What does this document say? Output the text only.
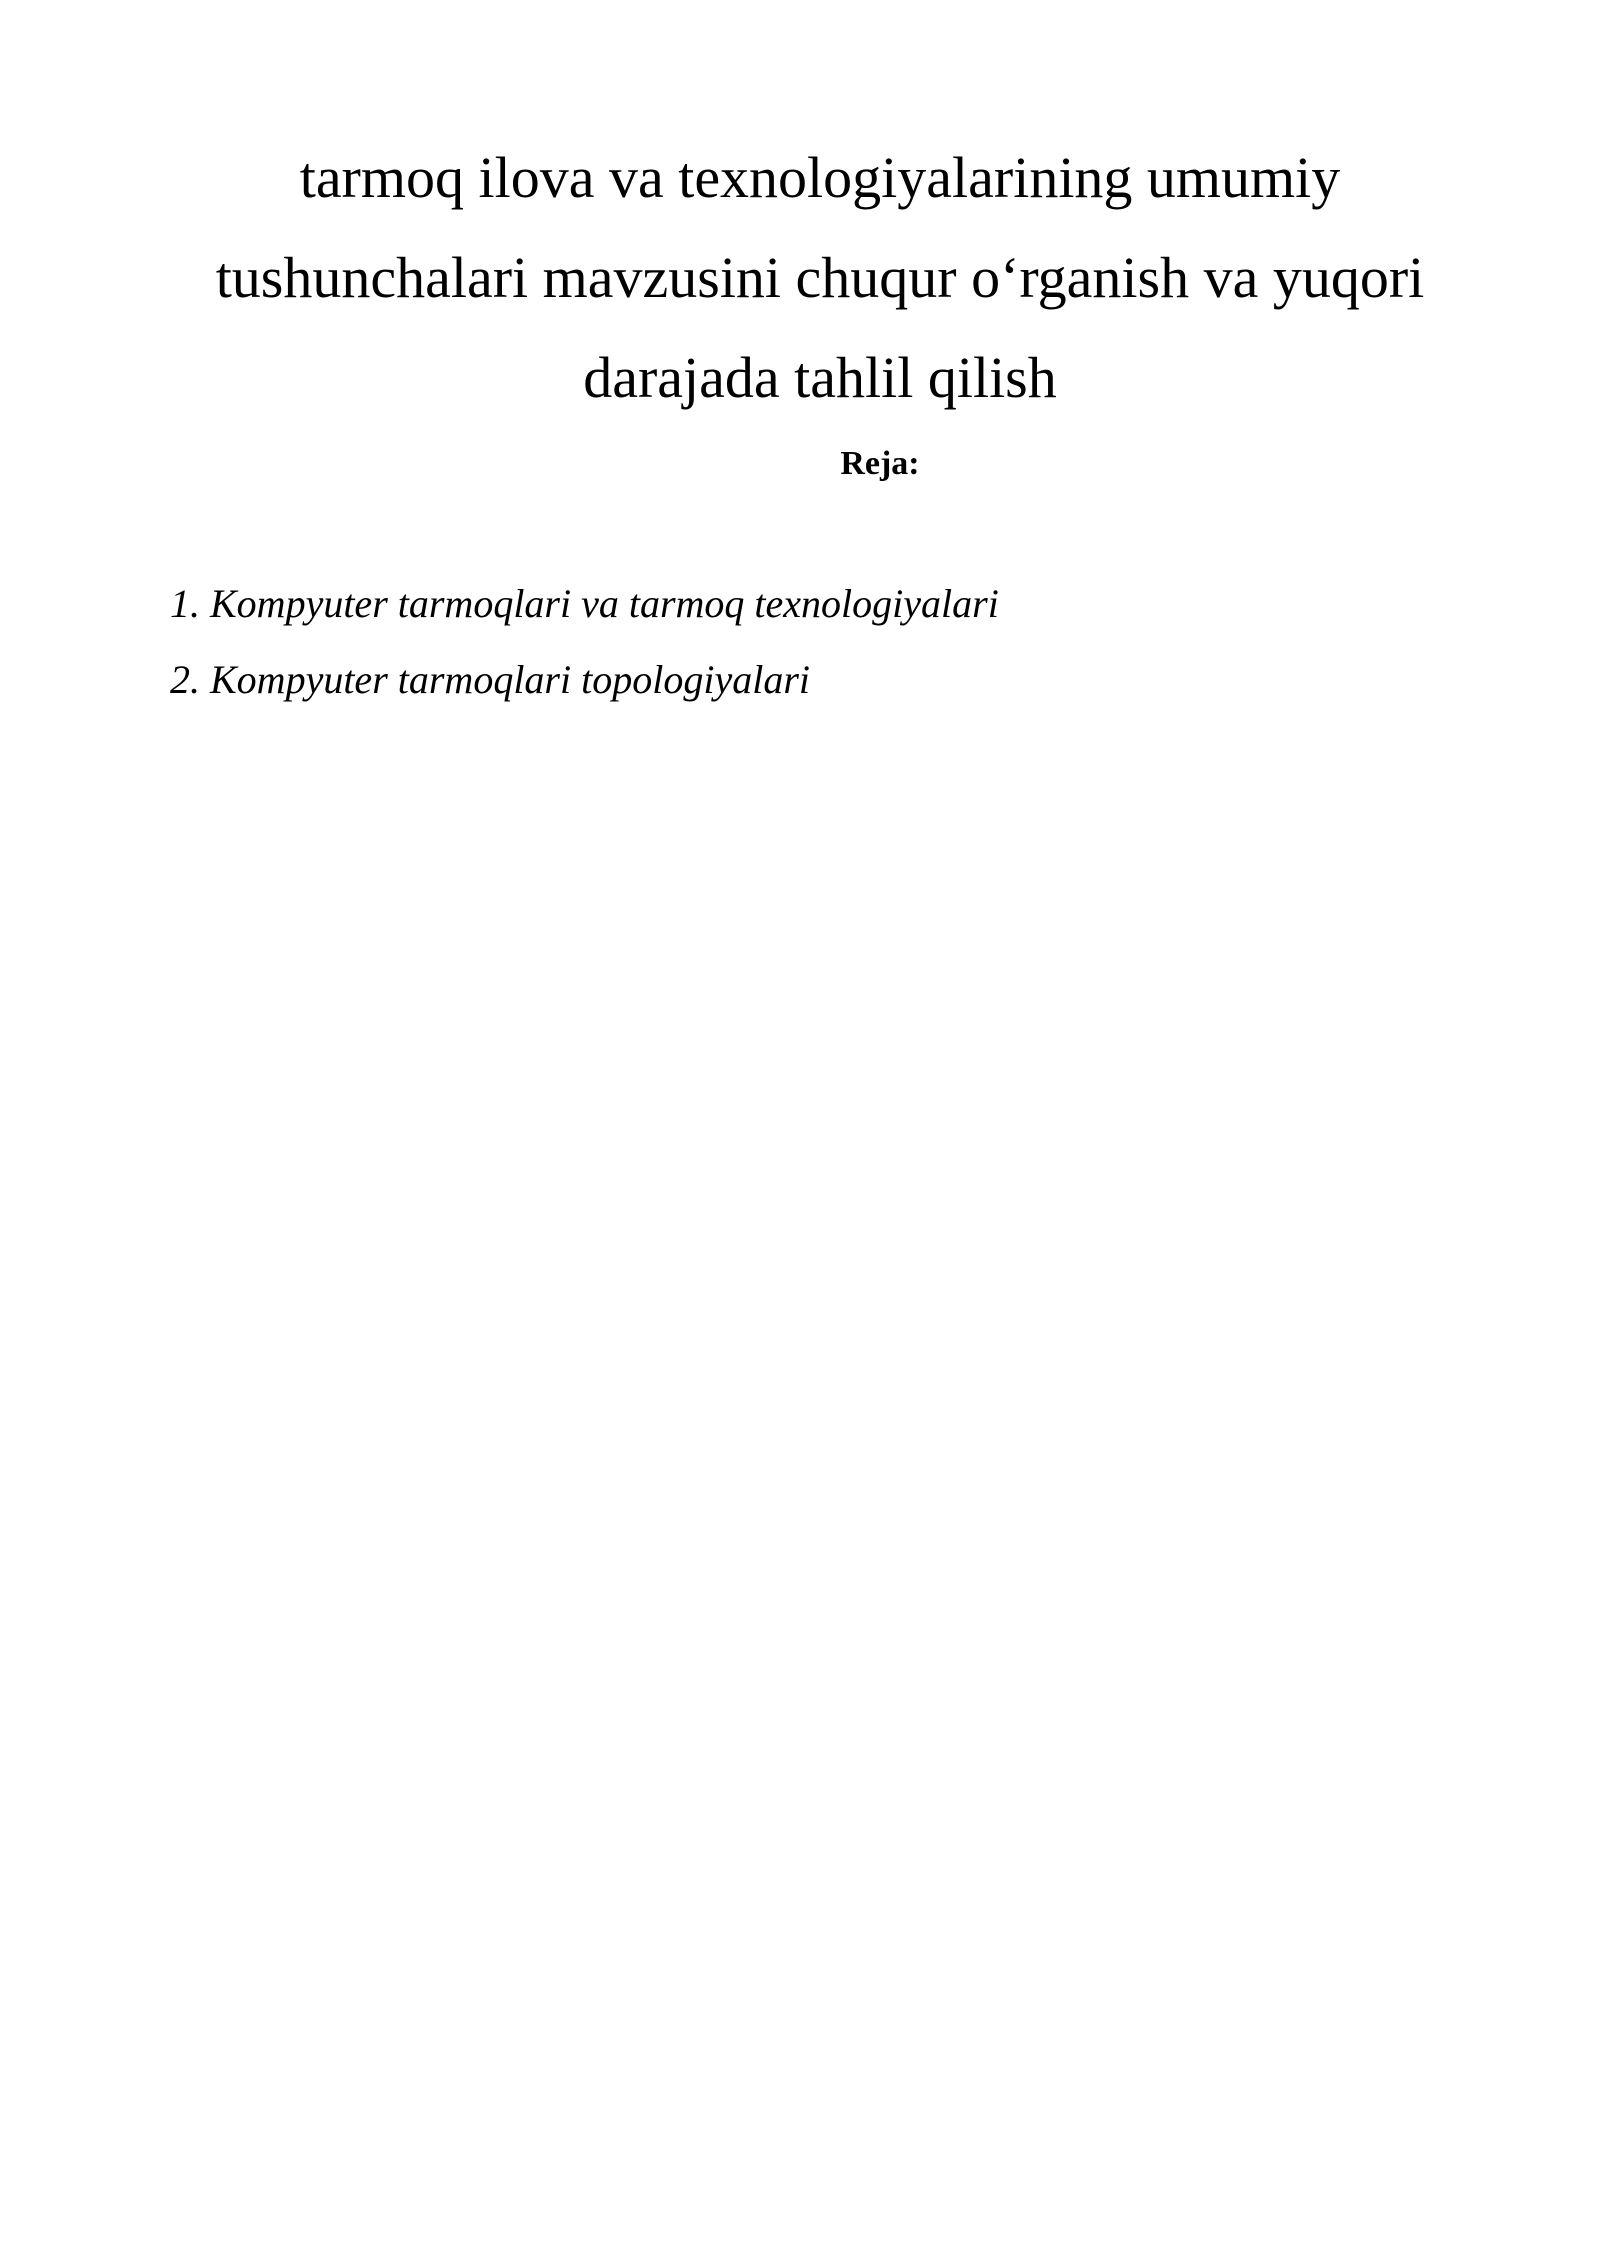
tarmoq ilova va texnologiyalarining umumiy
tushunchalari mavzusini chuqur o‘rganish va yuqori
darajada tahlil qilish
Reja:
1. Kompyuter tarmoqlari va tarmoq texnologiyalari
2. Kompyuter tarmoqlari topologiyalari
